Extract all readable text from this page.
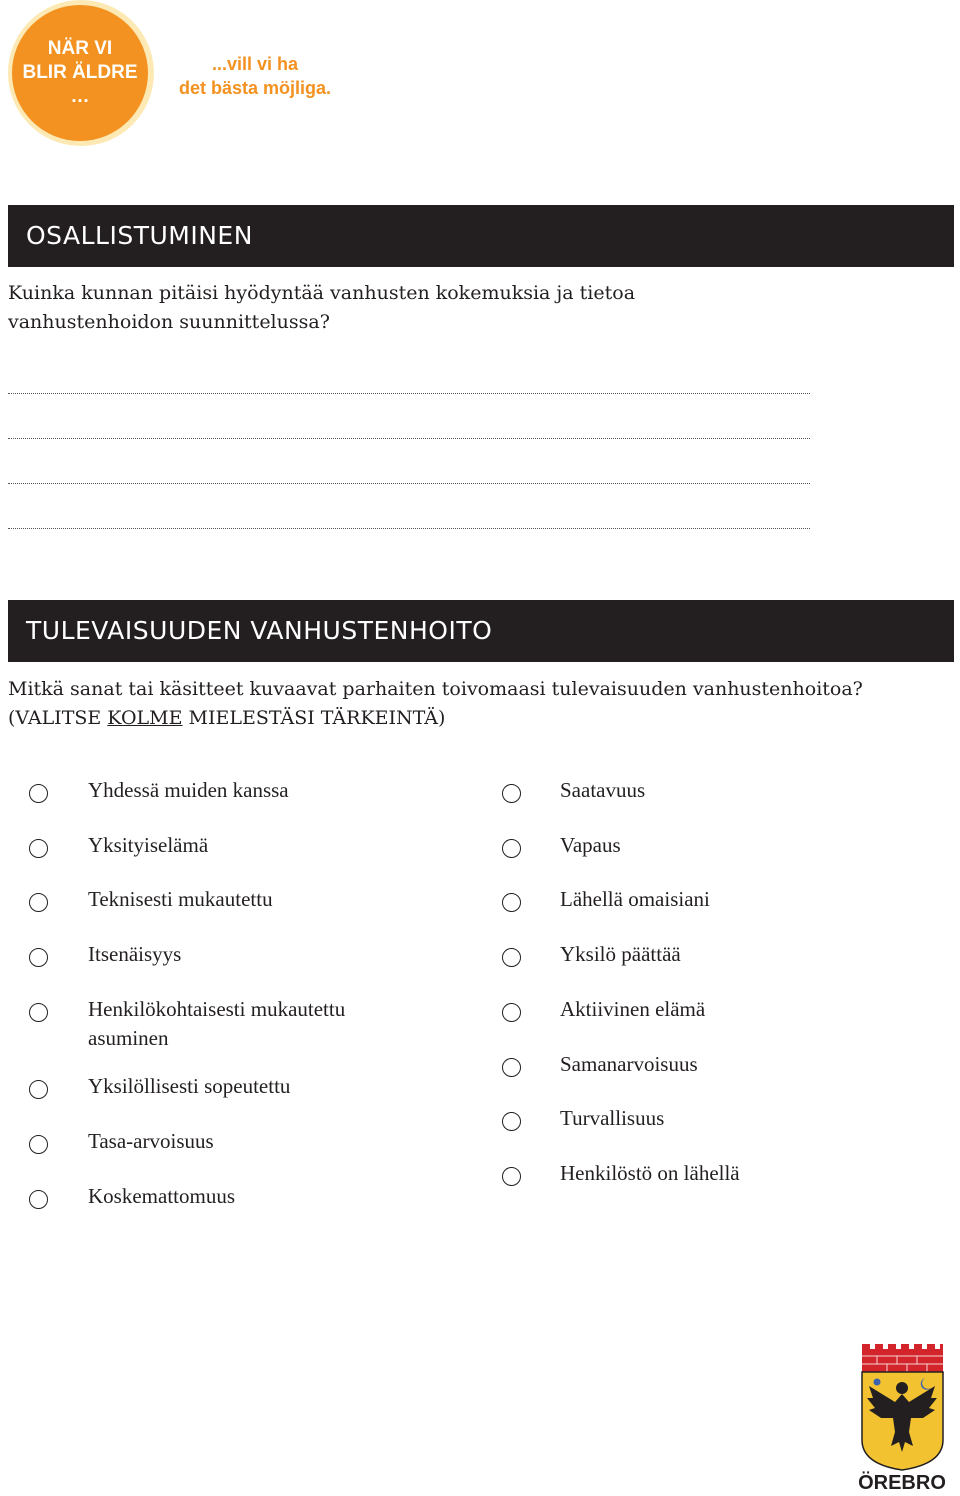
NÄR VI
BLIR ÄLDRE
…
...vill vi ha
det bästa möjliga.
OSALLISTUMINEN
Kuinka kunnan pitäisi hyödyntää vanhusten kokemuksia ja tietoa
vanhustenhoidon suunnittelussa?
TULEVAISUUDEN VANHUSTENHOITO
Mitkä sanat tai käsitteet kuvaavat parhaiten toivomaasi tulevaisuuden vanhustenhoitoa?
(VALITSE KOLME MIELESTÄSI TÄRKEINTÄ)
Yhdessä muiden kanssa
Yksityiselämä
Teknisesti mukautettu
Itsenäisyys
Henkilökohtaisesti mukautettu
asuminen
Yksilöllisesti sopeutettu
Tasa-arvoisuus
Koskemattomuus
Saatavuus
Vapaus
Lähellä omaisiani
Yksilö päättää
Aktiivinen elämä
Samanarvoisuus
Turvallisuus
Henkilöstö on lähellä
ÖREBRO
